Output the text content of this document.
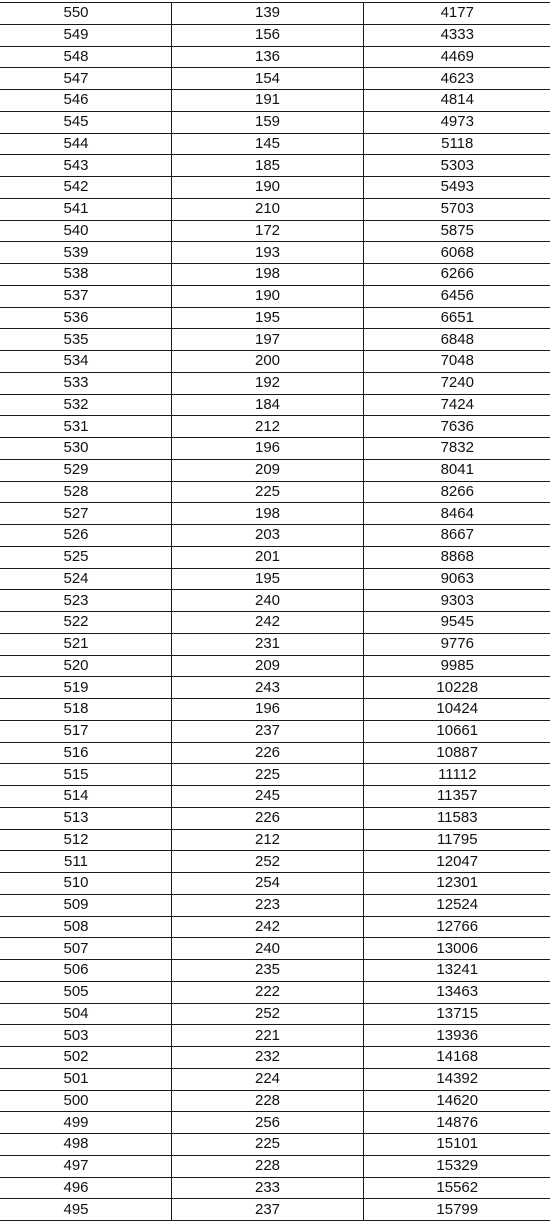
550	139	4177
549	156	4333
548	136	4469
547	154	4623
546	191	4814
545	159	4973
544	145	5118
543	185	5303
542	190	5493
541	210	5703
540	172	5875
539	193	6068
538	198	6266
537	190	6456
536	195	6651
535	197	6848
534	200	7048
533	192	7240
532	184	7424
531	212	7636
530	196	7832
529	209	8041
528	225	8266
527	198	8464
526	203	8667
525	201	8868
524	195	9063
523	240	9303
522	242	9545
521	231	9776
520	209	9985
519	243	10228
518	196	10424
517	237	10661
516	226	10887
515	225	11112
514	245	11357
513	226	11583
512	212	11795
511	252	12047
510	254	12301
509	223	12524
508	242	12766
507	240	13006
506	235	13241
505	222	13463
504	252	13715
503	221	13936
502	232	14168
501	224	14392
500	228	14620
499	256	14876
498	225	15101
497	228	15329
496	233	15562
495	237	15799
